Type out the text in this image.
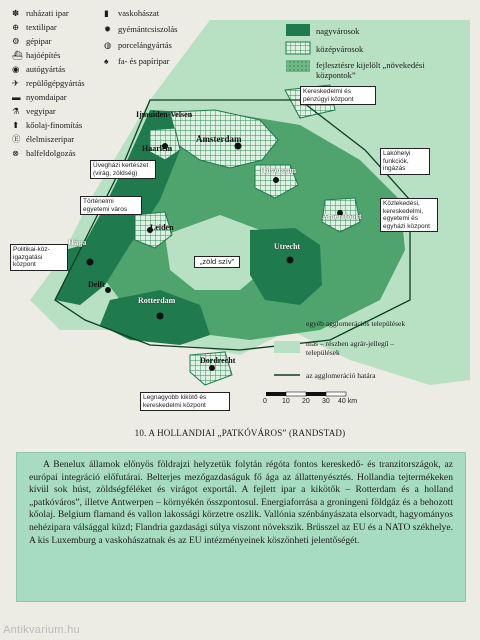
✽ ruházati ipar
⊕ textilipar
⚙ gépipar
⛴ hajóépítés
◉ autógyártás
✈ repülőgépgyártás
▬ nyomdaipar
⚗ vegyipar
⬆ kőolaj-finomítás
Ⓔ élelmiszeripar
⊗ halfeldolgozás
▮ vaskohászat
✹ gyémántcsiszolás
◍ porcelángyártás
♠ fa- és papíripar
nagyvárosok
középvárosok
fejlesztésre kijelölt „növekedési központok”
egyéb agglomerációs települések
más – részben agrár-jellegű – települések
az agglomeráció határa
Amsterdam
Haarlem
Ijmuiden-Velsen
Hilversum
Amersfoort
Utrecht
Leiden
Hága
Delft
Rotterdam
Dordrecht
Kereskedelmi és pénzügyi központ
Üvegházi kertészet (virág, zöldség)
Történelmi egyetemi város
Lakóhelyi funkciók, ingázás
Közlekedési, kereskedelmi, egyetemi és egyházi központ
Politikai-köz-igazgatási központ	„zöld szív”
Legnagyobb kikötő és kereskedelmi központ	0 10 20 30 40 km
10. A HOLLANDIAI „PATKÓVÁROS” (RANDSTAD)
A Benelux államok előnyös földrajzi helyzetük folytán régóta fontos kereskedő- és tranzitországok, az európai integráció előfutárai. Belterjes mezőgazdaságuk fő ága az állattenyésztés. Hollandia tejtermékeken kívül sok húst, zöldségféléket és virágot exportál. A fejlett ipar a kikötők – Rotterdam és a holland „patkóváros”, illetve Antwerpen – környékén összpontosul. Energiaforrása a groningeni földgáz és a behozott kőolaj. Belgium flamand és vallon lakossági körzetre oszlik. Vallónia szénbányászata elsorvadt, hagyományos nehézipara válsággal küzd; Flandria gazdasági súlya viszont növekszik. Brüsszel az EU és a NATO székhelye. A kis Luxemburg a vaskohászatnak és az EU intézményeinek köszönheti jelentőségét.
Antikvarium.hu
